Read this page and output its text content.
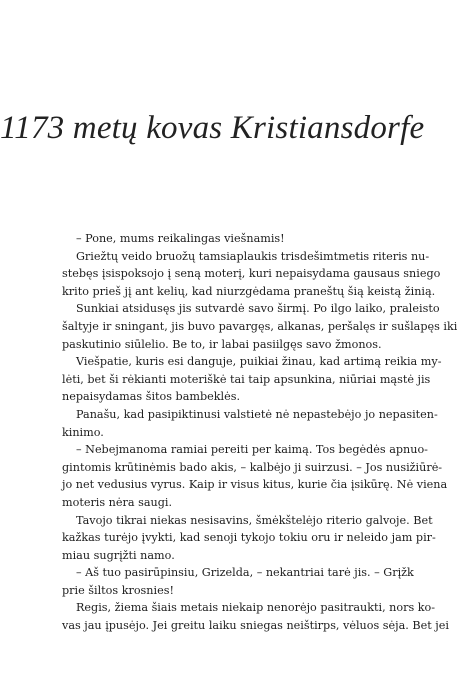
1173 metų kovas Kristiansdorfe
– Pone, mums reikalingas viešnamis!
Griežtų veido bruožų tamsiaplaukis trisdešimtmetis riteris nu-
stebęs įsispoksojo į seną moterį, kuri nepaisydama gausaus sniego
krito prieš jį ant kelių, kad niurzgėdama praneštų šią keistą žinią.
Sunkiai atsidusęs jis sutvardė savo širmį. Po ilgo laiko, praleisto
šaltyje ir sningant, jis buvo pavargęs, alkanas, peršalęs ir sušlapęs iki
paskutinio siūlelio. Be to, ir labai pasiilgęs savo žmonos.
Viešpatie, kuris esi danguje, puikiai žinau, kad artimą reikia my-
lėti, bet ši rėkianti moteriškė tai taip apsunkina, niūriai mąstė jis
nepaisydamas šitos bambeklės.
Panašu, kad pasipiktinusi valstietė nė nepastebėjo jo nepasiten-
kinimo.
– Nebejmanoma ramiai pereiti per kaimą. Tos begėdės apnuo-
gintomis krūtinėmis bado akis, – kalbėjo ji suirzusi. – Jos nusižiūrė-
jo net vedusius vyrus. Kaip ir visus kitus, kurie čia įsikūrę. Nė viena
moteris nėra saugi.
Tavojo tikrai niekas nesisavins, šmėkštelėjo riterio galvoje. Bet
kažkas turėjo įvykti, kad senoji tykojo tokiu oru ir neleido jam pir-
miau sugrįžti namo.
– Aš tuo pasirūpinsiu, Grizelda, – nekantriai tarė jis. – Grįžk
prie šiltos krosnies!
Regis, žiema šiais metais niekaip nenorėjo pasitraukti, nors ko-
vas jau įpusėjo. Jei greitu laiku sniegas neištirps, vėluos sėja. Bet jei
